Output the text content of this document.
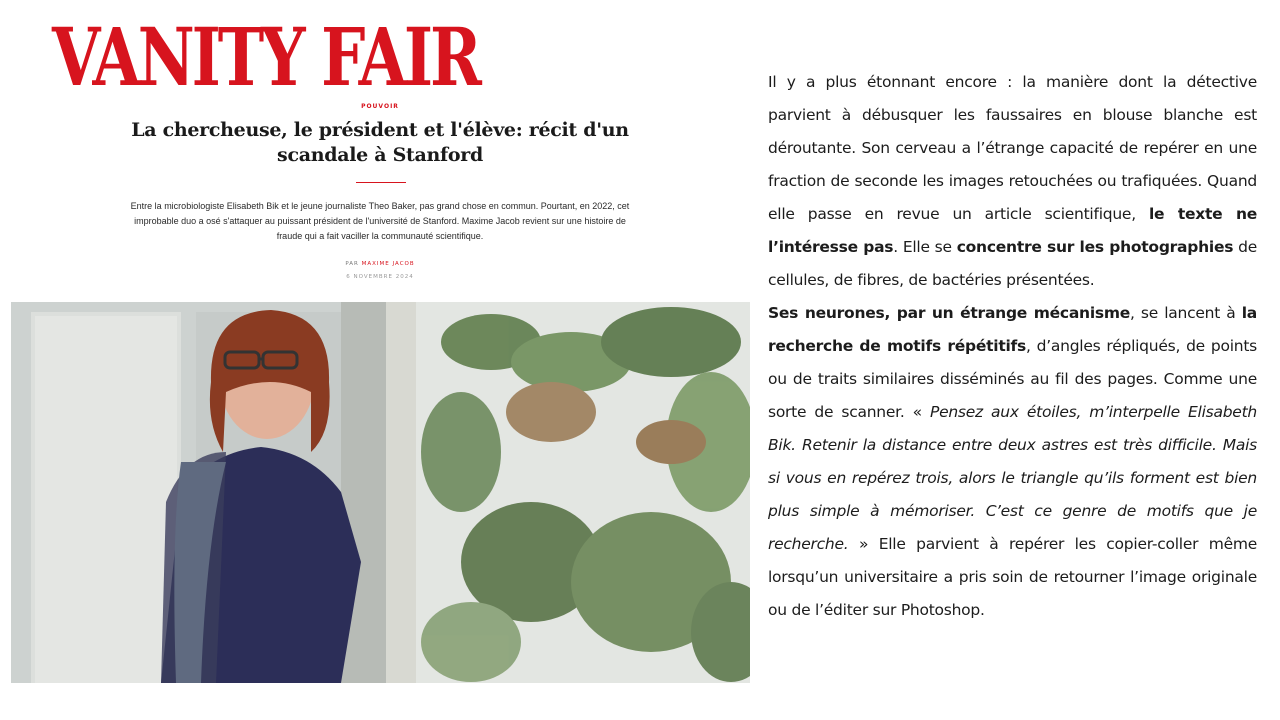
VANITY FAIR
POUVOIR
La chercheuse, le président et l'élève: récit d'un scandale à Stanford
Entre la microbiologiste Elisabeth Bik et le jeune journaliste Theo Baker, pas grand chose en commun. Pourtant, en 2022, cet improbable duo a osé s'attaquer au puissant président de l'université de Stanford. Maxime Jacob revient sur une histoire de fraude qui a fait vaciller la communauté scientifique.
PAR MAXIME JACOB
6 NOVEMBRE 2024

Il y a plus étonnant encore : la manière dont la détective parvient à débusquer les faussaires en blouse blanche est déroutante. Son cerveau a l’étrange capacité de repérer en une fraction de seconde les images retouchées ou trafiquées. Quand elle passe en revue un article scientifique, le texte ne l’intéresse pas. Elle se concentre sur les photographies de cellules, de fibres, de bactéries présentées.

Ses neurones, par un étrange mécanisme, se lancent à la recherche de motifs répétitifs, d’angles répliqués, de points ou de traits similaires disséminés au fil des pages. Comme une sorte de scanner. « Pensez aux étoiles, m’interpelle Elisabeth Bik. Retenir la distance entre deux astres est très difficile. Mais si vous en repérez trois, alors le triangle qu’ils forment est bien plus simple à mémoriser. C’est ce genre de motifs que je recherche. » Elle parvient à repérer les copier-coller même lorsqu’un universitaire a pris soin de retourner l’image originale ou de l’éditer sur Photoshop.
